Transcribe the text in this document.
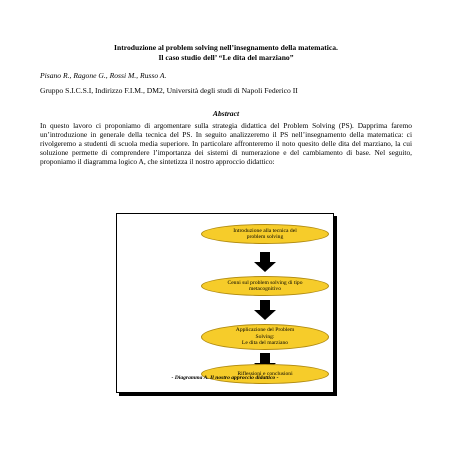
Introduzione al problem solving nell’insegnamento della matematica.
Il caso studio dell’ “Le dita del marziano”
Pisano R., Ragone G., Rossi M., Russo A.
Gruppo S.I.C.S.I, Indirizzo F.I.M., DM2, Università degli studi di Napoli Federico II
Abstract

In questo lavoro ci proponiamo di argomentare sulla strategia didattica del Problem Solving (PS). Dapprima faremo un’introduzione in generale della tecnica del PS. In seguito analizzeremo il PS nell’insegnamento della matematica: ci rivolgeremo a studenti di scuola media superiore. In particolare affronteremo il noto quesito delle dita del marziano, la cui soluzione permette di comprendere l’importanza dei sistemi di numerazione e del cambiamento di base. Nel seguito, proponiamo il diagramma logico A, che sintetizza il nostro approccio didattico:

Introduzione alla tecnica del
problem solving
Cenni sul problem solving di tipo
metacognitivo
Applicazione del Problem
Solving:
Le dita del marziano
Riflessioni e conclusioni
- Diagramma A. Il nostro approccio didattico -
